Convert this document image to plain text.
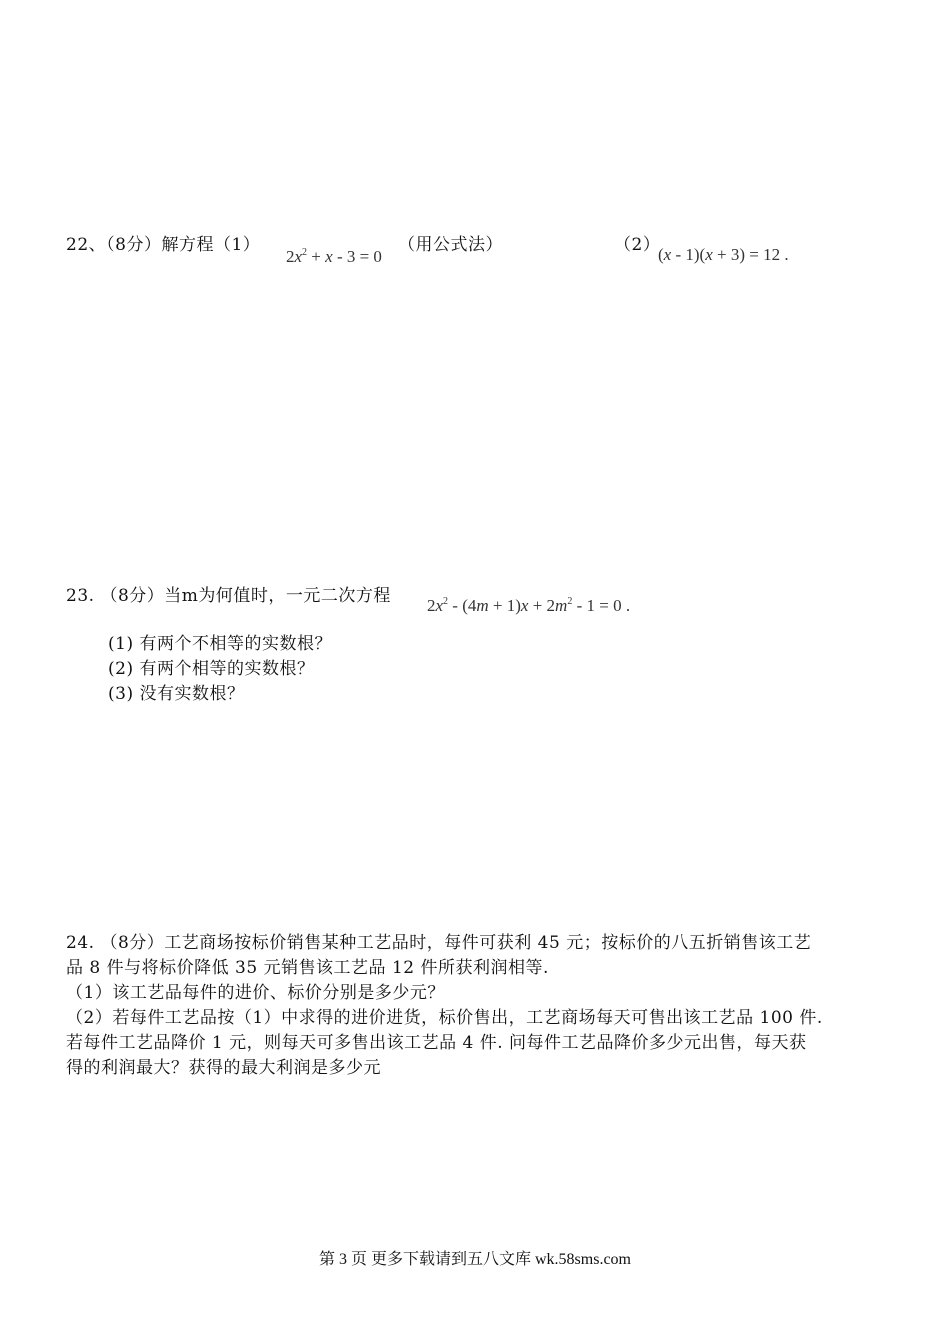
22、（8分）解方程（1）
$2x^2 + x - 3 = 0$
（用公式法）	（2）
(x - 1)(x + 3) = 12 .
23. （8分）当m为何值时，一元二次方程 $2x^2 - (4m + 1)x + 2m^2 - 1 = 0$ .
(1) 有两个不相等的实数根？
(2) 有两个相等的实数根？
(3) 没有实数根？
24. （8分）工艺商场按标价销售某种工艺品时，每件可获利 45 元；按标价的八五折销售该工艺
品 8 件与将标价降低 35 元销售该工艺品 12 件所获利润相等.
（1）该工艺品每件的进价、标价分别是多少元？
（2）若每件工艺品按（1）中求得的进价进货，标价售出，工艺商场每天可售出该工艺品 100 件.
若每件工艺品降价 1 元，则每天可多售出该工艺品 4 件. 问每件工艺品降价多少元出售，每天获
得的利润最大？获得的最大利润是多少元
第 3 页 更多下载请到五八文库 wk.58sms.com
